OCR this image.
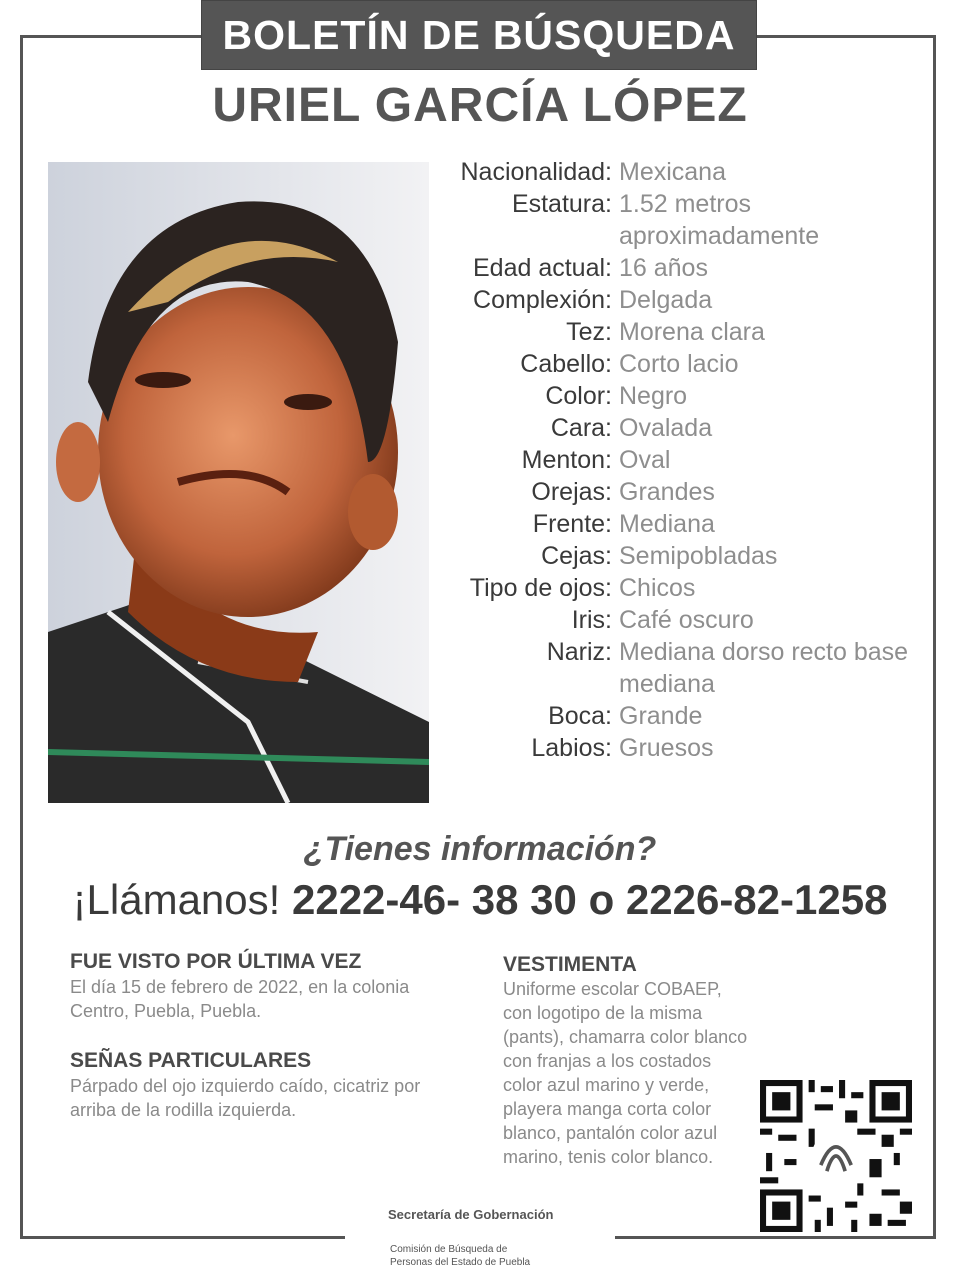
BOLETÍN DE BÚSQUEDA
URIEL GARCÍA LÓPEZ
Nacionalidad: Mexicana
Estatura: 1.52 metros aproximadamente
Edad actual: 16 años
Complexión: Delgada
Tez: Morena clara
Cabello: Corto lacio
Color: Negro
Cara: Ovalada
Menton: Oval
Orejas: Grandes
Frente: Mediana
Cejas: Semipobladas
Tipo de ojos: Chicos
Iris: Café oscuro
Nariz: Mediana dorso recto base mediana
Boca: Grande
Labios: Gruesos
¿Tienes información?
¡Llámanos! 2222-46- 38 30 o 2226-82-1258
FUE VISTO POR ÚLTIMA VEZ
El día 15 de febrero de 2022, en la colonia Centro, Puebla, Puebla.
SEÑAS PARTICULARES
Párpado del ojo izquierdo caído, cicatriz por arriba de la rodilla izquierda.
VESTIMENTA
Uniforme escolar COBAEP, con logotipo de la misma (pants), chamarra color blanco con franjas a los costados color azul marino y verde, playera manga corta color blanco, pantalón color azul marino, tenis color blanco.
Secretaría de Gobernación
Comisión de Búsqueda de Personas del Estado de Puebla
